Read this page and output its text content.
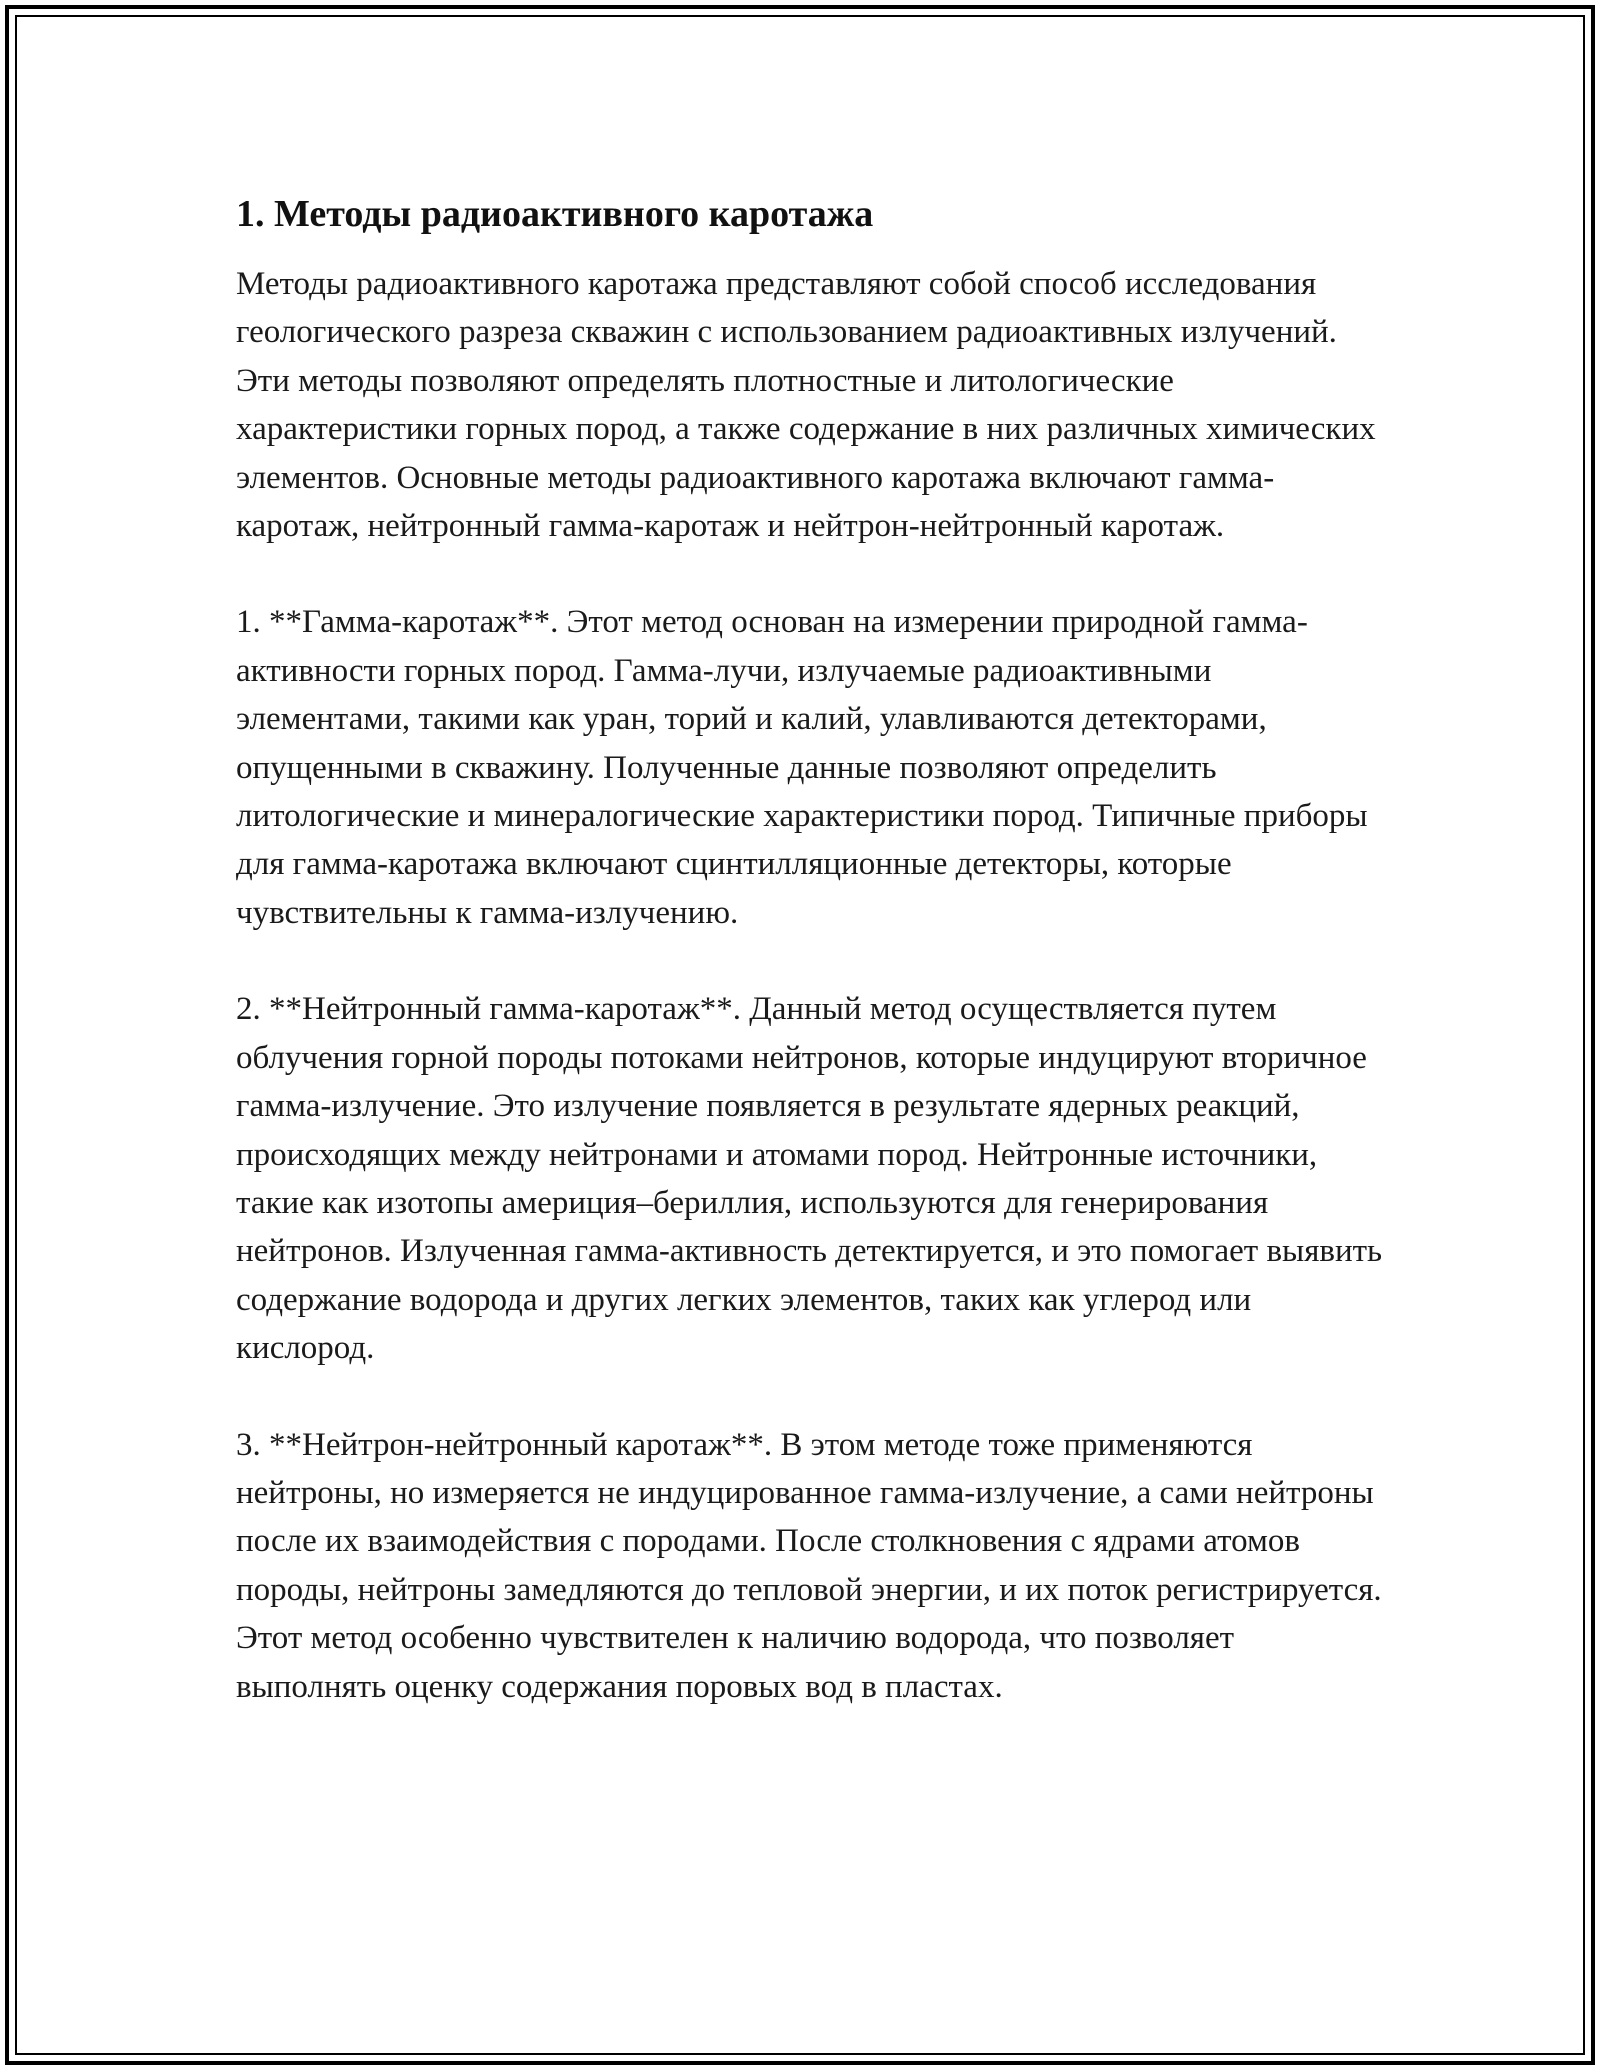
1. Методы радиоактивного каротажа

Методы радиоактивного каротажа представляют собой способ исследования геологического разреза скважин с использованием радиоактивных излучений. Эти методы позволяют определять плотностные и литологические характеристики горных пород, а также содержание в них различных химических элементов. Основные методы радиоактивного каротажа включают гамма-каротаж, нейтронный гамма-каротаж и нейтрон-нейтронный каротаж.

1. **Гамма-каротаж**. Этот метод основан на измерении природной гамма-активности горных пород. Гамма-лучи, излучаемые радиоактивными элементами, такими как уран, торий и калий, улавливаются детекторами, опущенными в скважину. Полученные данные позволяют определить литологические и минералогические характеристики пород. Типичные приборы для гамма-каротажа включают сцинтилляционные детекторы, которые чувствительны к гамма-излучению.

2. **Нейтронный гамма-каротаж**. Данный метод осуществляется путем облучения горной породы потоками нейтронов, которые индуцируют вторичное гамма-излучение. Это излучение появляется в результате ядерных реакций, происходящих между нейтронами и атомами пород. Нейтронные источники, такие как изотопы америция–бериллия, используются для генерирования нейтронов. Излученная гамма-активность детектируется, и это помогает выявить содержание водорода и других легких элементов, таких как углерод или кислород.

3. **Нейтрон-нейтронный каротаж**. В этом методе тоже применяются нейтроны, но измеряется не индуцированное гамма-излучение, а сами нейтроны после их взаимодействия с породами. После столкновения с ядрами атомов породы, нейтроны замедляются до тепловой энергии, и их поток регистрируется. Этот метод особенно чувствителен к наличию водорода, что позволяет выполнять оценку содержания поровых вод в пластах.
